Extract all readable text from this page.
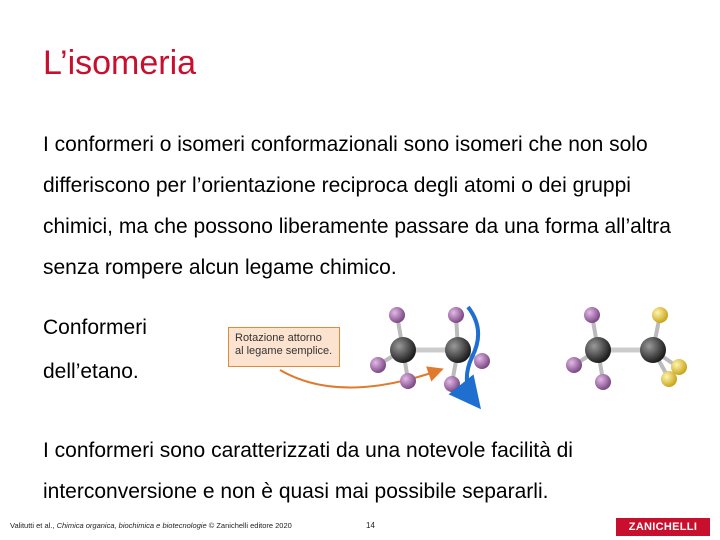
L’isomeria

I conformeri o isomeri conformazionali sono isomeri che non solo differiscono per l’orientazione reciproca degli atomi o dei gruppi chimici, ma che possono liberamente passare da una forma all’altra senza rompere alcun legame chimico.

Conformeri dell’etano.
Rotazione attorno al legame semplice.

I conformeri sono caratterizzati da una notevole facilità di interconversione e non è quasi mai possibile separarli.

Valitutti et al., Chimica organica, biochimica e biotecnologie © Zanichelli editore 2020	14	ZANICHELLI
